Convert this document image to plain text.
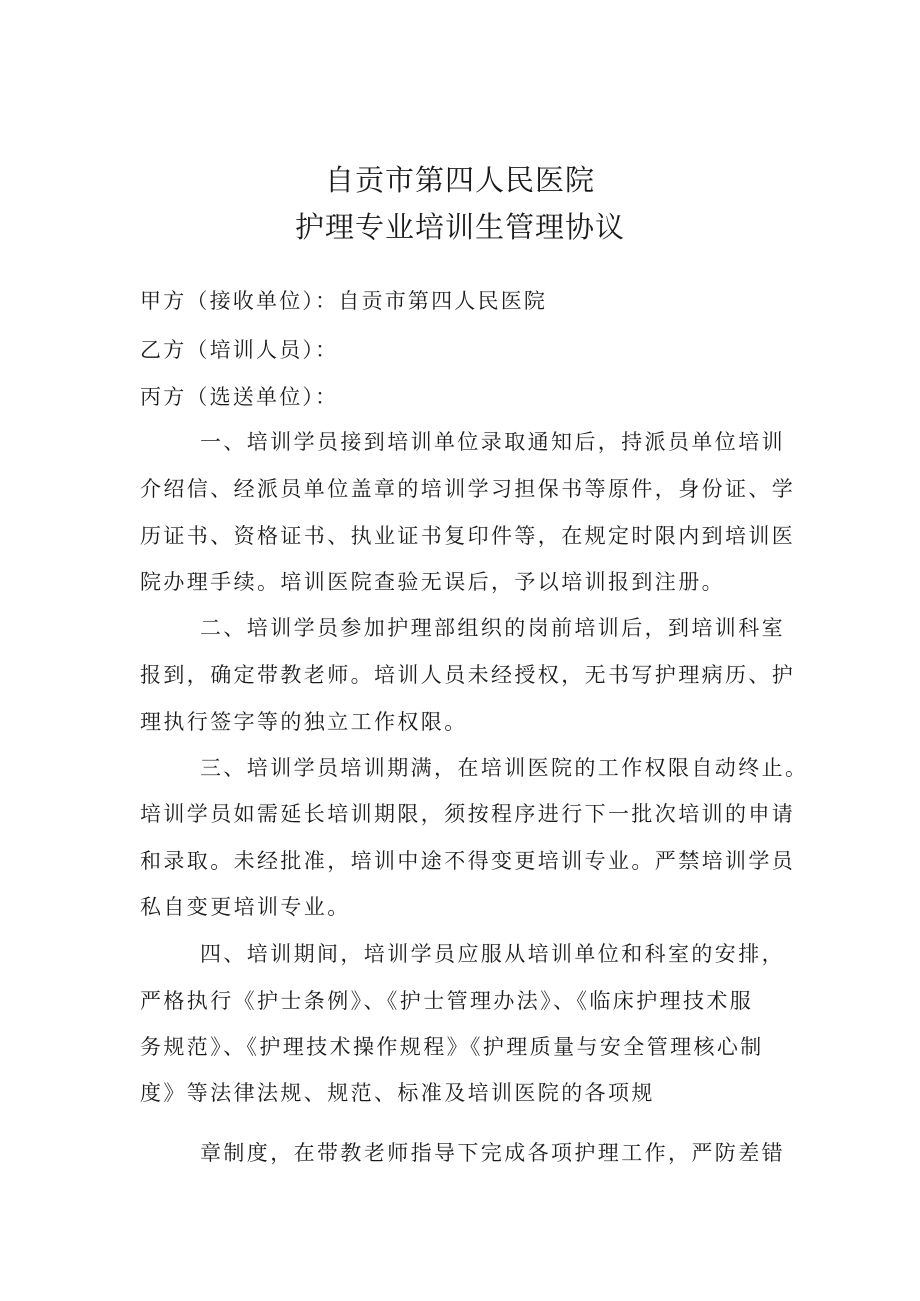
自贡市第四人民医院
护理专业培训生管理协议
甲方（接收单位）：自贡市第四人民医院
乙方（培训人员）：
丙方（选送单位）：
一、培训学员接到培训单位录取通知后，持派员单位培训
介绍信、经派员单位盖章的培训学习担保书等原件，身份证、学
历证书、资格证书、执业证书复印件等，在规定时限内到培训医
院办理手续。培训医院查验无误后，予以培训报到注册。
二、培训学员参加护理部组织的岗前培训后，到培训科室
报到，确定带教老师。培训人员未经授权，无书写护理病历、护
理执行签字等的独立工作权限。
三、培训学员培训期满，在培训医院的工作权限自动终止。
培训学员如需延长培训期限，须按程序进行下一批次培训的申请
和录取。未经批准，培训中途不得变更培训专业。严禁培训学员
私自变更培训专业。
四、培训期间，培训学员应服从培训单位和科室的安排，
严格执行《护士条例》、《护士管理办法》、《临床护理技术服
务规范》、《护理技术操作规程》《护理质量与安全管理核心制
度》等法律法规、规范、标准及培训医院的各项规
章制度，在带教老师指导下完成各项护理工作，严防差错
